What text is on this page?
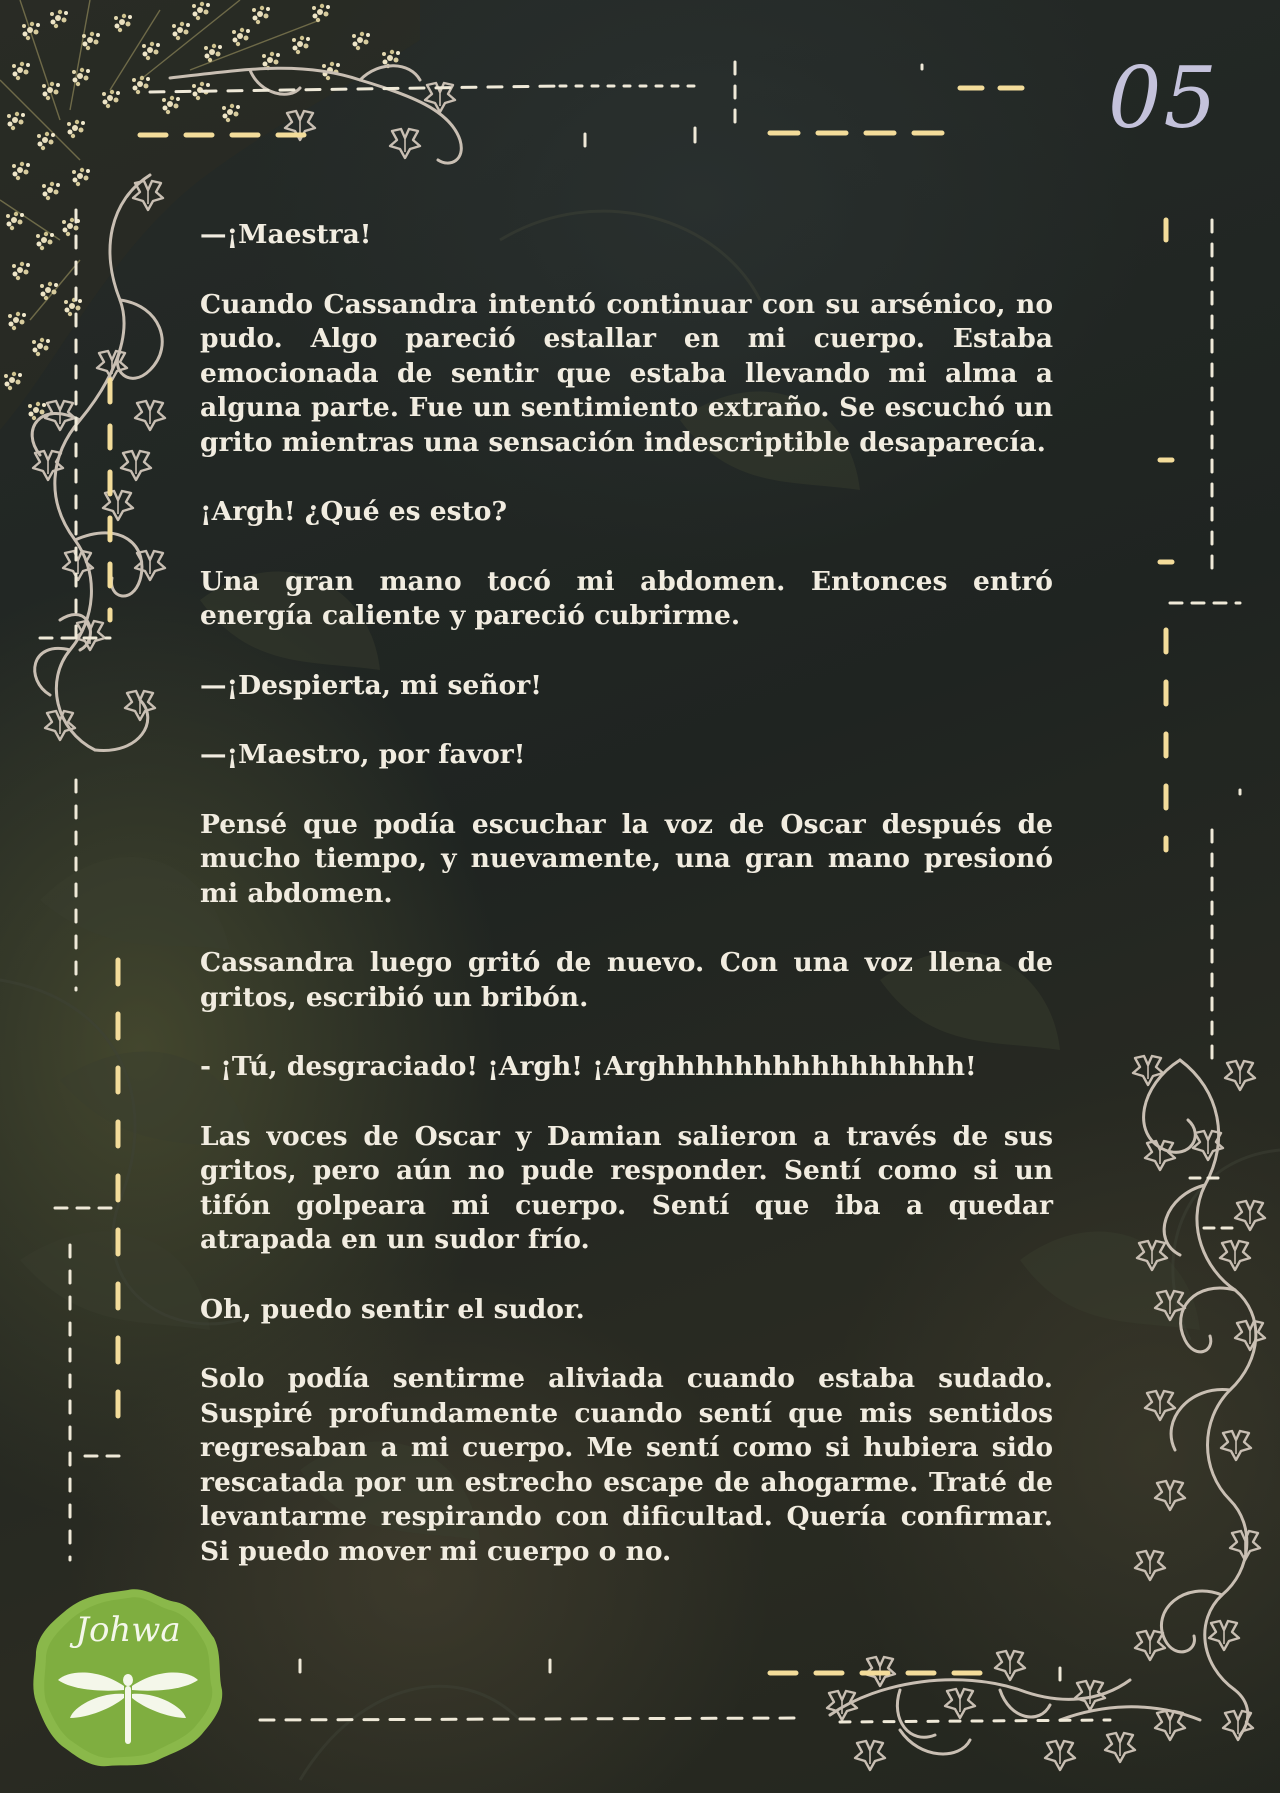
05

—¡Maestra!

Cuando Cassandra intentó continuar con su arsénico, no pudo. Algo pareció estallar en mi cuerpo. Estaba emocionada de sentir que estaba llevando mi alma a alguna parte. Fue un sentimiento extraño. Se escuchó un grito mientras una sensación indescriptible desaparecía.

¡Argh! ¿Qué es esto?

Una gran mano tocó mi abdomen. Entonces entró energía caliente y pareció cubrirme.

—¡Despierta, mi señor!

—¡Maestro, por favor!

Pensé que podía escuchar la voz de Oscar después de mucho tiempo, y nuevamente, una gran mano presionó mi abdomen.

Cassandra luego gritó de nuevo. Con una voz llena de gritos, escribió un bribón.

- ¡Tú, desgraciado! ¡Argh! ¡Arghhhhhhhhhhhhhhhh!

Las voces de Oscar y Damian salieron a través de sus gritos, pero aún no pude responder. Sentí como si un tifón golpeara mi cuerpo. Sentí que iba a quedar atrapada en un sudor frío.

Oh, puedo sentir el sudor.

Solo podía sentirme aliviada cuando estaba sudado. Suspiré profundamente cuando sentí que mis sentidos regresaban a mi cuerpo. Me sentí como si hubiera sido rescatada por un estrecho escape de ahogarme. Traté de levantarme respirando con dificultad. Quería confirmar. Si puedo mover mi cuerpo o no.

Johwa
